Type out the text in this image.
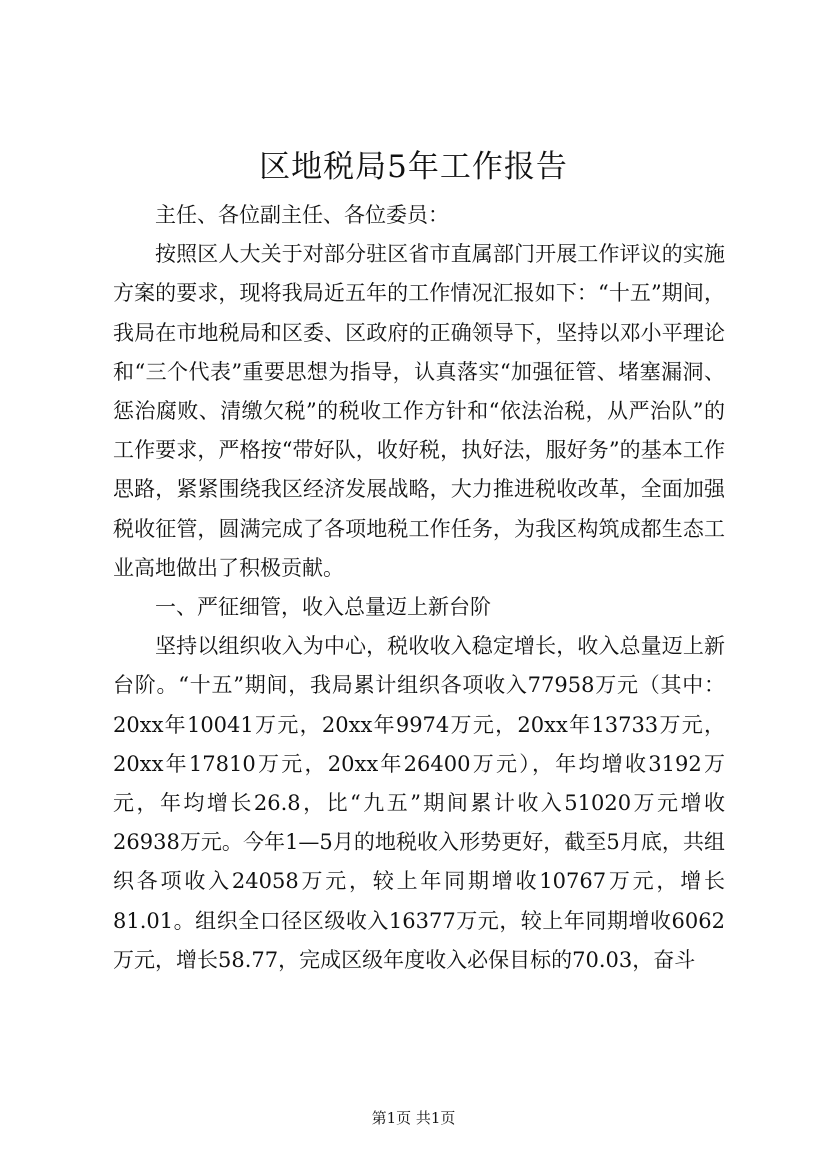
区地税局5年工作报告

主任、各位副主任、各位委员：

按照区人大关于对部分驻区省市直属部门开展工作评议的实施方案的要求，现将我局近五年的工作情况汇报如下：“十五”期间，我局在市地税局和区委、区政府的正确领导下，坚持以邓小平理论和“三个代表”重要思想为指导，认真落实“加强征管、堵塞漏洞、惩治腐败、清缴欠税”的税收工作方针和“依法治税，从严治队”的工作要求，严格按“带好队，收好税，执好法，服好务”的基本工作思路，紧紧围绕我区经济发展战略，大力推进税收改革，全面加强税收征管，圆满完成了各项地税工作任务，为我区构筑成都生态工业高地做出了积极贡献。

一、严征细管，收入总量迈上新台阶

坚持以组织收入为中心，税收收入稳定增长，收入总量迈上新台阶。“十五”期间，我局累计组织各项收入77958万元（其中：20xx年10041万元，20xx年9974万元，20xx年13733万元，20xx年17810万元，20xx年26400万元），年均增收3192万元，年均增长26.8，比“九五”期间累计收入51020万元增收26938万元。今年1—5月的地税收入形势更好，截至5月底，共组织各项收入24058万元，较上年同期增收10767万元，增长81.01。组织全口径区级收入16377万元，较上年同期增收6062万元，增长58.77，完成区级年度收入必保目标的70.03，奋斗

第1页 共1页
